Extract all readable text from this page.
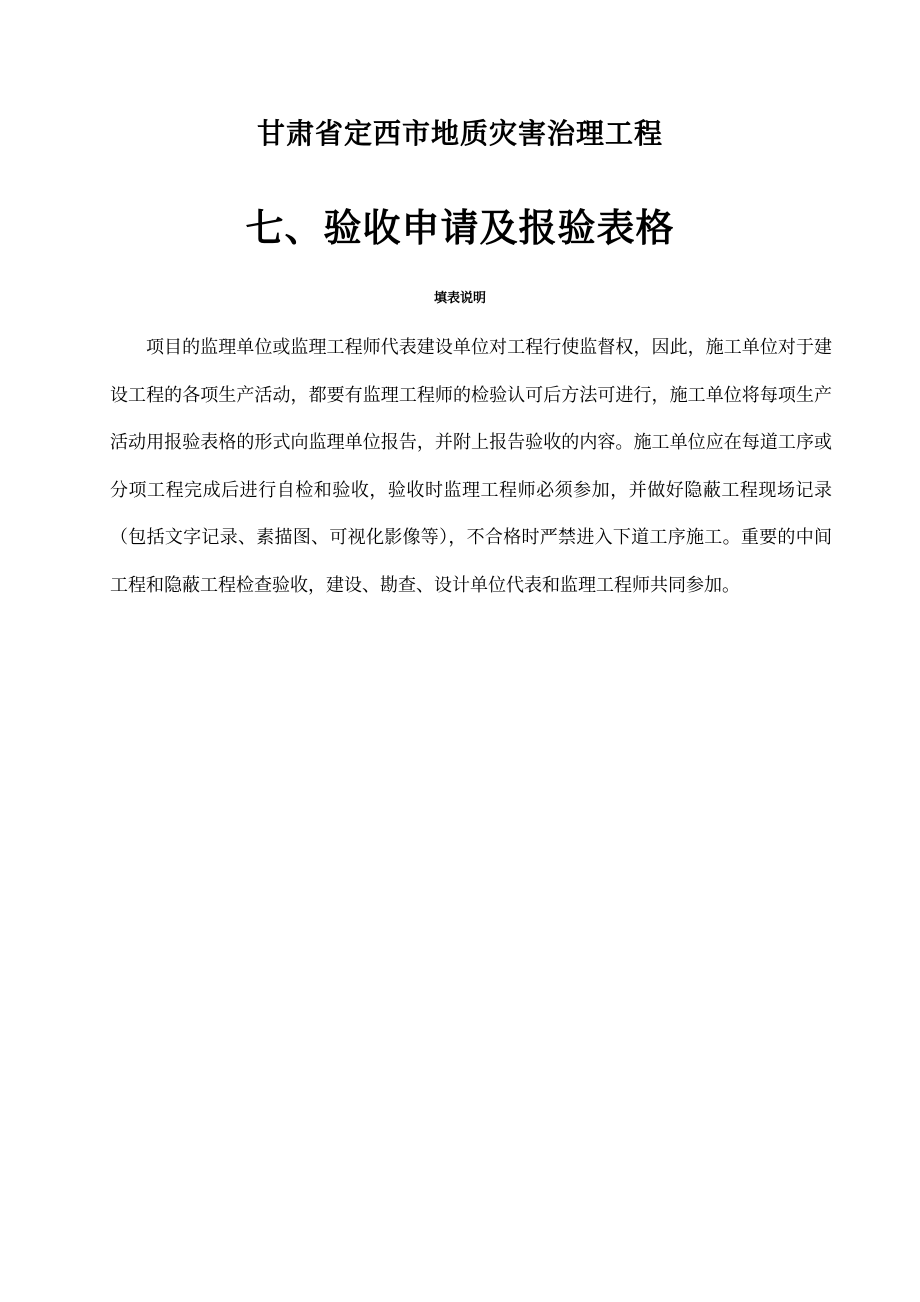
甘肃省定西市地质灾害治理工程
七、验收申请及报验表格
填表说明

项目的监理单位或监理工程师代表建设单位对工程行使监督权，因此，施工单位对于建设工程的各项生产活动，都要有监理工程师的检验认可后方法可进行，施工单位将每项生产活动用报验表格的形式向监理单位报告，并附上报告验收的内容。施工单位应在每道工序或分项工程完成后进行自检和验收，验收时监理工程师必须参加，并做好隐蔽工程现场记录（包括文字记录、素描图、可视化影像等），不合格时严禁进入下道工序施工。重要的中间工程和隐蔽工程检查验收，建设、勘查、设计单位代表和监理工程师共同参加。
